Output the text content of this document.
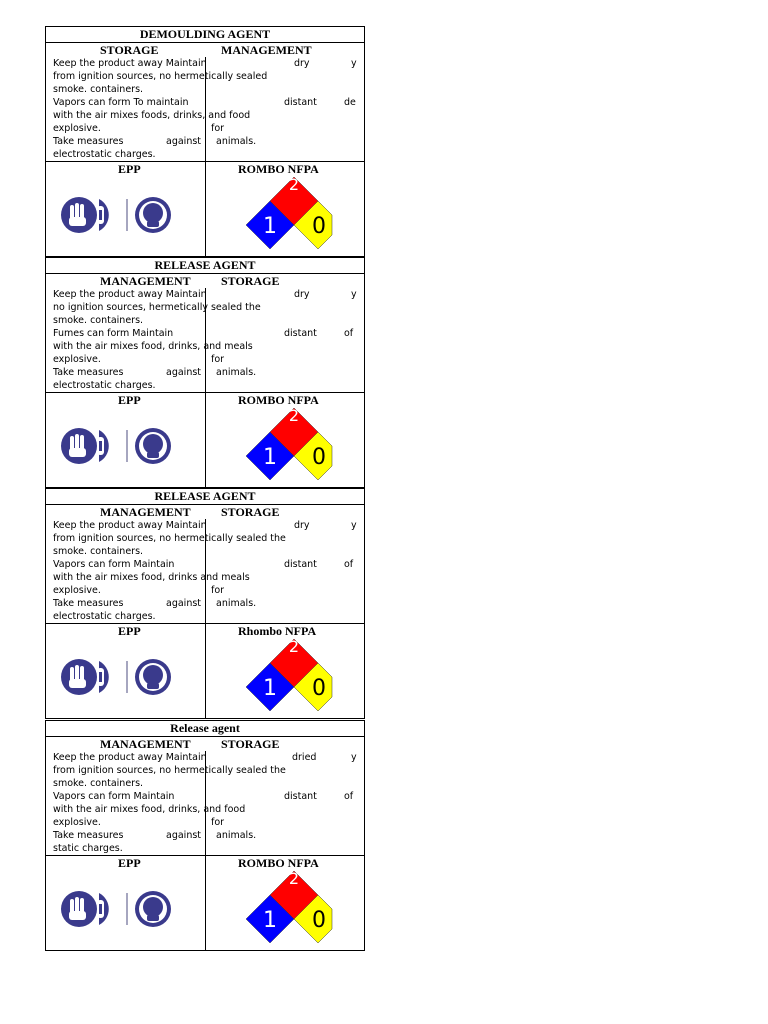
DEMOULDING AGENT
STORAGE	MANAGEMENT
Keep the product away Maintain	dry	y
from ignition sources, no hermetically sealed
smoke. containers.
Vapors can form To maintain	distant	de
with the air mixes foods, drinks, and food
explosive.	for
Take measures	against animals.
electrostatic charges.
EPP	ROMBO NFPA
2
1 0
RELEASE AGENT
MANAGEMENT	STORAGE
Keep the product away Maintain	dry	y
no ignition sources, hermetically sealed the
smoke. containers.
Fumes can form Maintain	distant	of
with the air mixes food, drinks, and meals
explosive.	for
Take measures	against animals.
electrostatic charges.
EPP	ROMBO NFPA
2
1 0
RELEASE AGENT
MANAGEMENT	STORAGE
Keep the product away Maintain	dry	y
from ignition sources, no hermetically sealed the
smoke. containers.
Vapors can form Maintain	distant	of
with the air mixes food, drinks and meals
explosive.	for
Take measures	against animals.
electrostatic charges.
EPP	Rhombo NFPA
2
1 0
Release agent
MANAGEMENT	STORAGE
Keep the product away Maintain	dried	y
from ignition sources, no hermetically sealed the
smoke. containers.
Vapors can form Maintain	distant	of
with the air mixes food, drinks, and food
explosive.	for
Take measures	against animals.
static charges.
EPP	ROMBO NFPA
2
1 0
